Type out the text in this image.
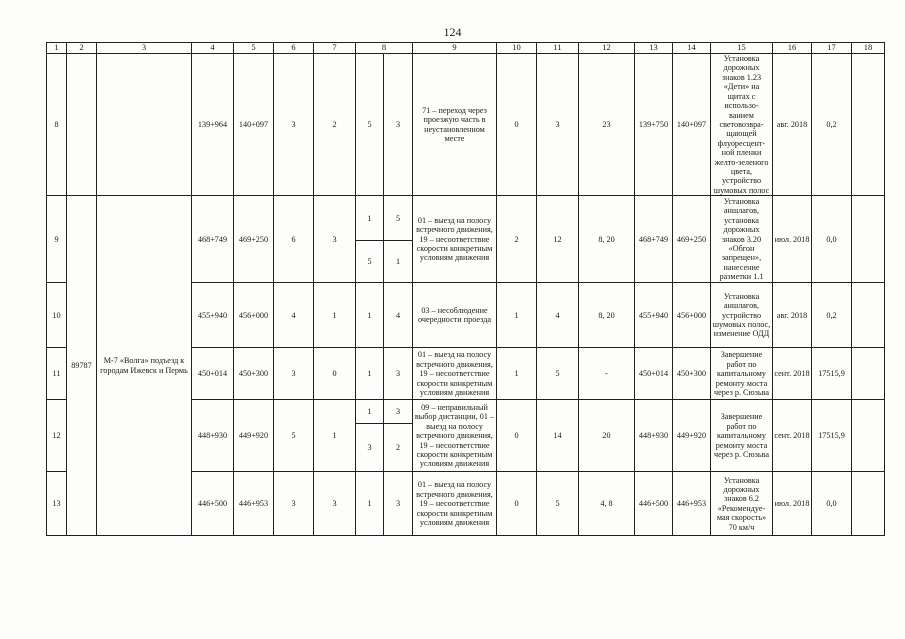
124
1	2	3	4	5	6	7	8		9	10	11	12	13	14	15	16	17	18
8			139+964	140+097	3	2	5	3	71 – переход через проезжую часть в неустановленном месте	0	3	23	139+750	140+097	Установка дорожных знаков 1.23 «Дети» на щитах с использо-ванием световозвра-щающей флуоресцент-ной пленки желто-зеленого цвета, устройство шумовых полос	авг. 2018	0,2	
9	89787	М-7 «Волга» подъезд к городам Ижевск и Пермь	468+749	469+250	6	3	1	5	01 – выезд на полосу встречного движения, 19 – несоответствие скорости конкретным условиям движения	2	12	8, 20	468+749	469+250	Установка аншлагов, установка дорожных знаков 3.20 «Обгон запрещен», нанесение разметки 1.1	июл. 2018	0,0	
							5	1										
10			455+940	456+000	4	1	1	4	03 – несоблюдение очередности проезда	1	4	8, 20	455+940	456+000	Установка аншлагов, устройство шумовых полос, изменение ОДД	авг. 2018	0,2	
11			450+014	450+300	3	0	1	3	01 – выезд на полосу встречного движения, 19 – несоответствие скорости конкретным условиям движения	1	5	-	450+014	450+300	Завершение работ по капитальному ремонту моста через р. Сюзьва	сент. 2018	17515,9	
12			448+930	449+920	5	1	1	3	09 – неправильный выбор дистанции, 01 – выезд на полосу встречного движения, 19 – несоответствие скорости конкретным условиям движения	0	14	20	448+930	449+920	Завершение работ по капитальному ремонту моста через р. Сюзьва	сент. 2018	17515,9	
							3	2										
13			446+500	446+953	3	3	1	3	01 – выезд на полосу встречного движения, 19 – несоответствие скорости конкретным условиям движения	0	5	4, 8	446+500	446+953	Установка дорожных знаков 6.2 «Рекомендуе-мая скорость» 70 км/ч	июл. 2018	0,0	
